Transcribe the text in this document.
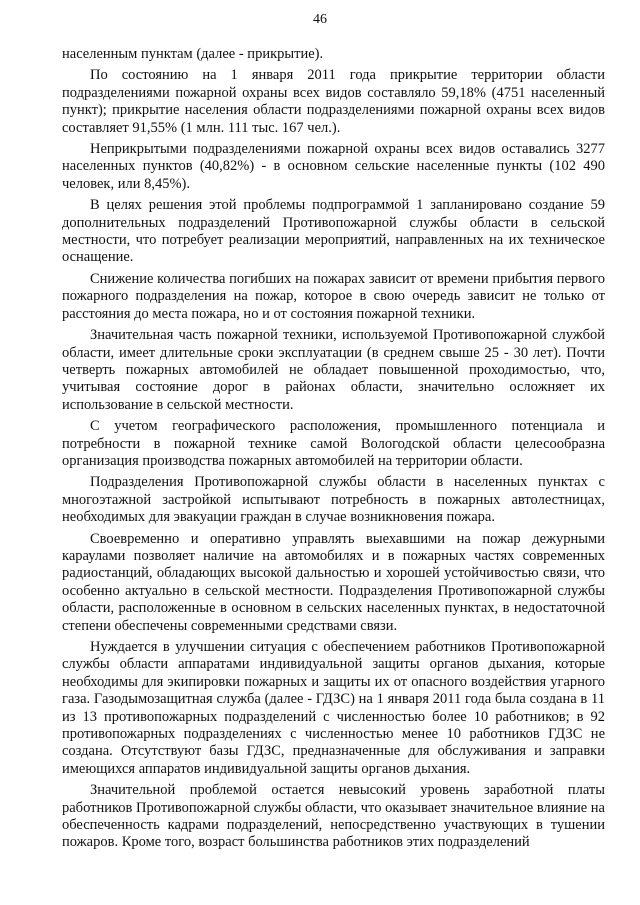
46

населенным пунктам (далее - прикрытие).

По состоянию на 1 января 2011 года прикрытие территории области подразделениями пожарной охраны всех видов составляло 59,18% (4751 населенный пункт); прикрытие населения области подразделениями пожарной охраны всех видов составляет 91,55% (1 млн. 111 тыс. 167 чел.).

Неприкрытыми подразделениями пожарной охраны всех видов оставались 3277 населенных пунктов (40,82%) - в основном сельские населенные пункты (102 490 человек, или 8,45%).

В целях решения этой проблемы подпрограммой 1 запланировано создание 59 дополнительных подразделений Противопожарной службы области в сельской местности, что потребует реализации мероприятий, направленных на их техническое оснащение.

Снижение количества погибших на пожарах зависит от времени прибытия первого пожарного подразделения на пожар, которое в свою очередь зависит не только от расстояния до места пожара, но и от состояния пожарной техники.

Значительная часть пожарной техники, используемой Противопожарной службой области, имеет длительные сроки эксплуатации (в среднем свыше 25 - 30 лет). Почти четверть пожарных автомобилей не обладает повышенной проходимостью, что, учитывая состояние дорог в районах области, значительно осложняет их использование в сельской местности.

С учетом географического расположения, промышленного потенциала и потребности в пожарной технике самой Вологодской области целесообразна организация производства пожарных автомобилей на территории области.

Подразделения Противопожарной службы области в населенных пунктах с многоэтажной застройкой испытывают потребность в пожарных автолестницах, необходимых для эвакуации граждан в случае возникновения пожара.

Своевременно и оперативно управлять выехавшими на пожар дежурными караулами позволяет наличие на автомобилях и в пожарных частях современных радиостанций, обладающих высокой дальностью и хорошей устойчивостью связи, что особенно актуально в сельской местности. Подразделения Противопожарной службы области, расположенные в основном в сельских населенных пунктах, в недостаточной степени обеспечены современными средствами связи.

Нуждается в улучшении ситуация с обеспечением работников Противопожарной службы области аппаратами индивидуальной защиты органов дыхания, которые необходимы для экипировки пожарных и защиты их от опасного воздействия угарного газа. Газодымозащитная служба (далее - ГДЗС) на 1 января 2011 года была создана в 11 из 13 противопожарных подразделений с численностью более 10 работников; в 92 противопожарных подразделениях с численностью менее 10 работников ГДЗС не создана. Отсутствуют базы ГДЗС, предназначенные для обслуживания и заправки имеющихся аппаратов индивидуальной защиты органов дыхания.

Значительной проблемой остается невысокий уровень заработной платы работников Противопожарной службы области, что оказывает значительное влияние на обеспеченность кадрами подразделений, непосредственно участвующих в тушении пожаров. Кроме того, возраст большинства работников этих подразделений
